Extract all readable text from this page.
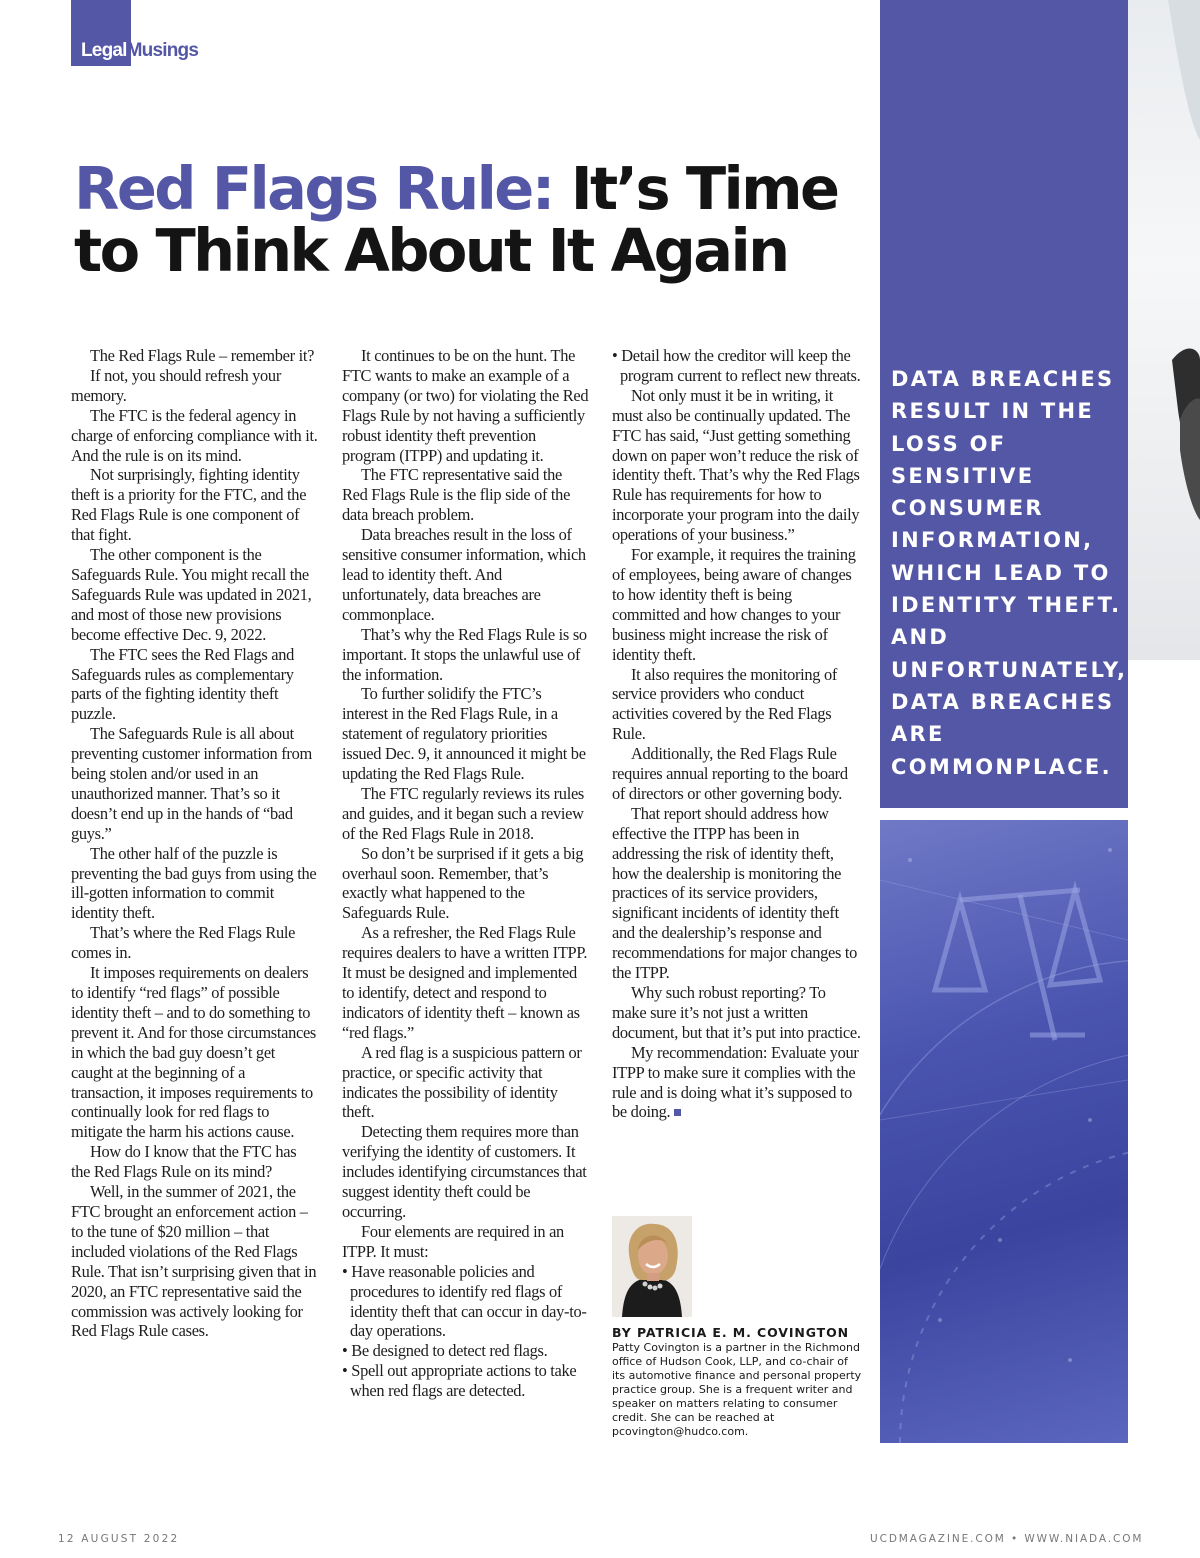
LegalMusings
Red Flags Rule: It’s Time to Think About It Again

The Red Flags Rule – remember it?

If not, you should refresh your memory.

The FTC is the federal agency in charge of enforcing compliance with it. And the rule is on its mind.

Not surprisingly, fighting identity theft is a priority for the FTC, and the Red Flags Rule is one component of that fight.

The other component is the Safeguards Rule. You might recall the Safeguards Rule was updated in 2021, and most of those new provisions become effective Dec. 9, 2022.

The FTC sees the Red Flags and Safeguards rules as complementary parts of the fighting identity theft puzzle.

The Safeguards Rule is all about preventing customer information from being stolen and/or used in an unauthorized manner. That’s so it doesn’t end up in the hands of “bad guys.”

The other half of the puzzle is preventing the bad guys from using the ill-gotten information to commit identity theft.

That’s where the Red Flags Rule comes in.

It imposes requirements on dealers to identify “red flags” of possible identity theft – and to do something to prevent it. And for those circumstances in which the bad guy doesn’t get caught at the beginning of a transaction, it imposes requirements to continually look for red flags to mitigate the harm his actions cause.

How do I know that the FTC has the Red Flags Rule on its mind?

Well, in the summer of 2021, the FTC brought an enforcement action – to the tune of $20 million – that included violations of the Red Flags Rule. That isn’t surprising given that in 2020, an FTC representative said the commission was actively looking for Red Flags Rule cases.

It continues to be on the hunt. The FTC wants to make an example of a company (or two) for violating the Red Flags Rule by not having a sufficiently robust identity theft prevention program (ITPP) and updating it.

The FTC representative said the Red Flags Rule is the flip side of the data breach problem.

Data breaches result in the loss of sensitive consumer information, which lead to identity theft. And unfortunately, data breaches are commonplace.

That’s why the Red Flags Rule is so important. It stops the unlawful use of the information.

To further solidify the FTC’s interest in the Red Flags Rule, in a statement of regulatory priorities issued Dec. 9, it announced it might be updating the Red Flags Rule.

The FTC regularly reviews its rules and guides, and it began such a review of the Red Flags Rule in 2018.

So don’t be surprised if it gets a big overhaul soon. Remember, that’s exactly what happened to the Safeguards Rule.

As a refresher, the Red Flags Rule requires dealers to have a written ITPP. It must be designed and implemented to identify, detect and respond to indicators of identity theft – known as “red flags.”

A red flag is a suspicious pattern or practice, or specific activity that indicates the possibility of identity theft.

Detecting them requires more than verifying the identity of customers. It includes identifying circumstances that suggest identity theft could be occurring.

Four elements are required in an ITPP. It must:

• Have reasonable policies and procedures to identify red flags of identity theft that can occur in day-to-day operations.

• Be designed to detect red flags.

• Spell out appropriate actions to take when red flags are detected.

• Detail how the creditor will keep the program current to reflect new threats.

Not only must it be in writing, it must also be continually updated. The FTC has said, “Just getting something down on paper won’t reduce the risk of identity theft. That’s why the Red Flags Rule has requirements for how to incorporate your program into the daily operations of your business.”

For example, it requires the training of employees, being aware of changes to how identity theft is being committed and how changes to your business might increase the risk of identity theft.

It also requires the monitoring of service providers who conduct activities covered by the Red Flags Rule.

Additionally, the Red Flags Rule requires annual reporting to the board of directors or other governing body.

That report should address how effective the ITPP has been in addressing the risk of identity theft, how the dealership is monitoring the practices of its service providers, significant incidents of identity theft and the dealership’s response and recommendations for major changes to the ITPP.

Why such robust reporting? To make sure it’s not just a written document, but that it’s put into practice.

My recommendation: Evaluate your ITPP to make sure it complies with the rule and is doing what it’s supposed to be doing.

BY PATRICIA E. M. COVINGTON

Patty Covington is a partner in the Richmond office of Hudson Cook, LLP, and co-chair of its automotive finance and personal property practice group. She is a frequent writer and speaker on matters relating to consumer credit. She can be reached at pcovington@hudco.com.

DATA BREACHES RESULT IN THE LOSS OF SENSITIVE CONSUMER INFORMATION, WHICH LEAD TO IDENTITY THEFT. AND UNFORTUNATELY, DATA BREACHES ARE COMMONPLACE.

12 AUGUST 2022	UCDMAGAZINE.COM • WWW.NIADA.COM
